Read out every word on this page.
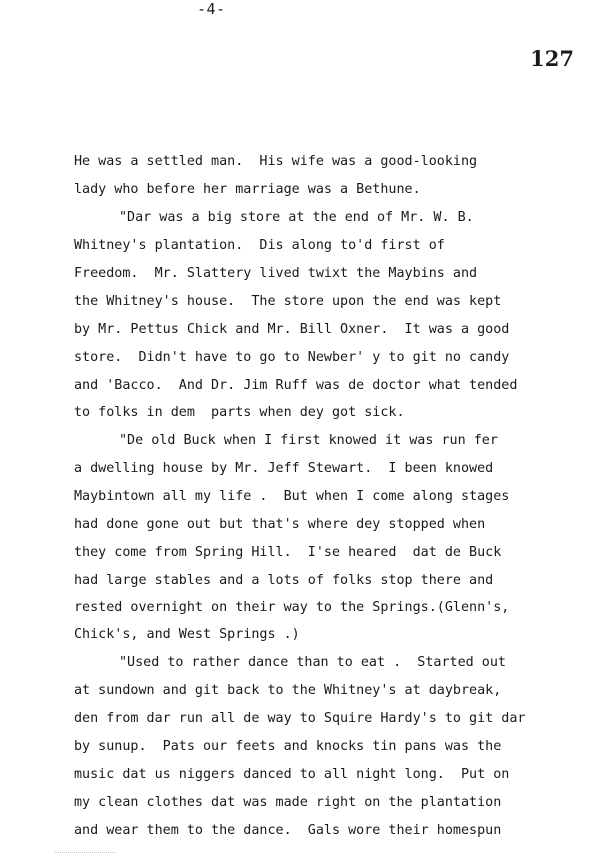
-4-
127
He was a settled man.  His wife was a good-looking
lady who before her marriage was a Bethune.
"Dar was a big store at the end of Mr. W. B.
Whitney's plantation.  Dis along to'd first of
Freedom.  Mr. Slattery lived twixt the Maybins and
the Whitney's house.  The store upon the end was kept
by Mr. Pettus Chick and Mr. Bill Oxner.  It was a good
store.  Didn't have to go to Newber' y to git no candy
and 'Bacco.  And Dr. Jim Ruff was de doctor what tended
to folks in dem  parts when dey got sick.
"De old Buck when I first knowed it was run fer
a dwelling house by Mr. Jeff Stewart.  I been knowed
Maybintown all my life .  But when I come along stages
had done gone out but that's where dey stopped when
they come from Spring Hill.  I'se heared  dat de Buck
had large stables and a lots of folks stop there and
rested overnight on their way to the Springs.(Glenn's,
Chick's, and West Springs .)
"Used to rather dance than to eat .  Started out
at sundown and git back to the Whitney's at daybreak,
den from dar run all de way to Squire Hardy's to git dar
by sunup.  Pats our feets and knocks tin pans was the
music dat us niggers danced to all night long.  Put on
my clean clothes dat was made right on the plantation
and wear them to the dance.  Gals wore their homespun
